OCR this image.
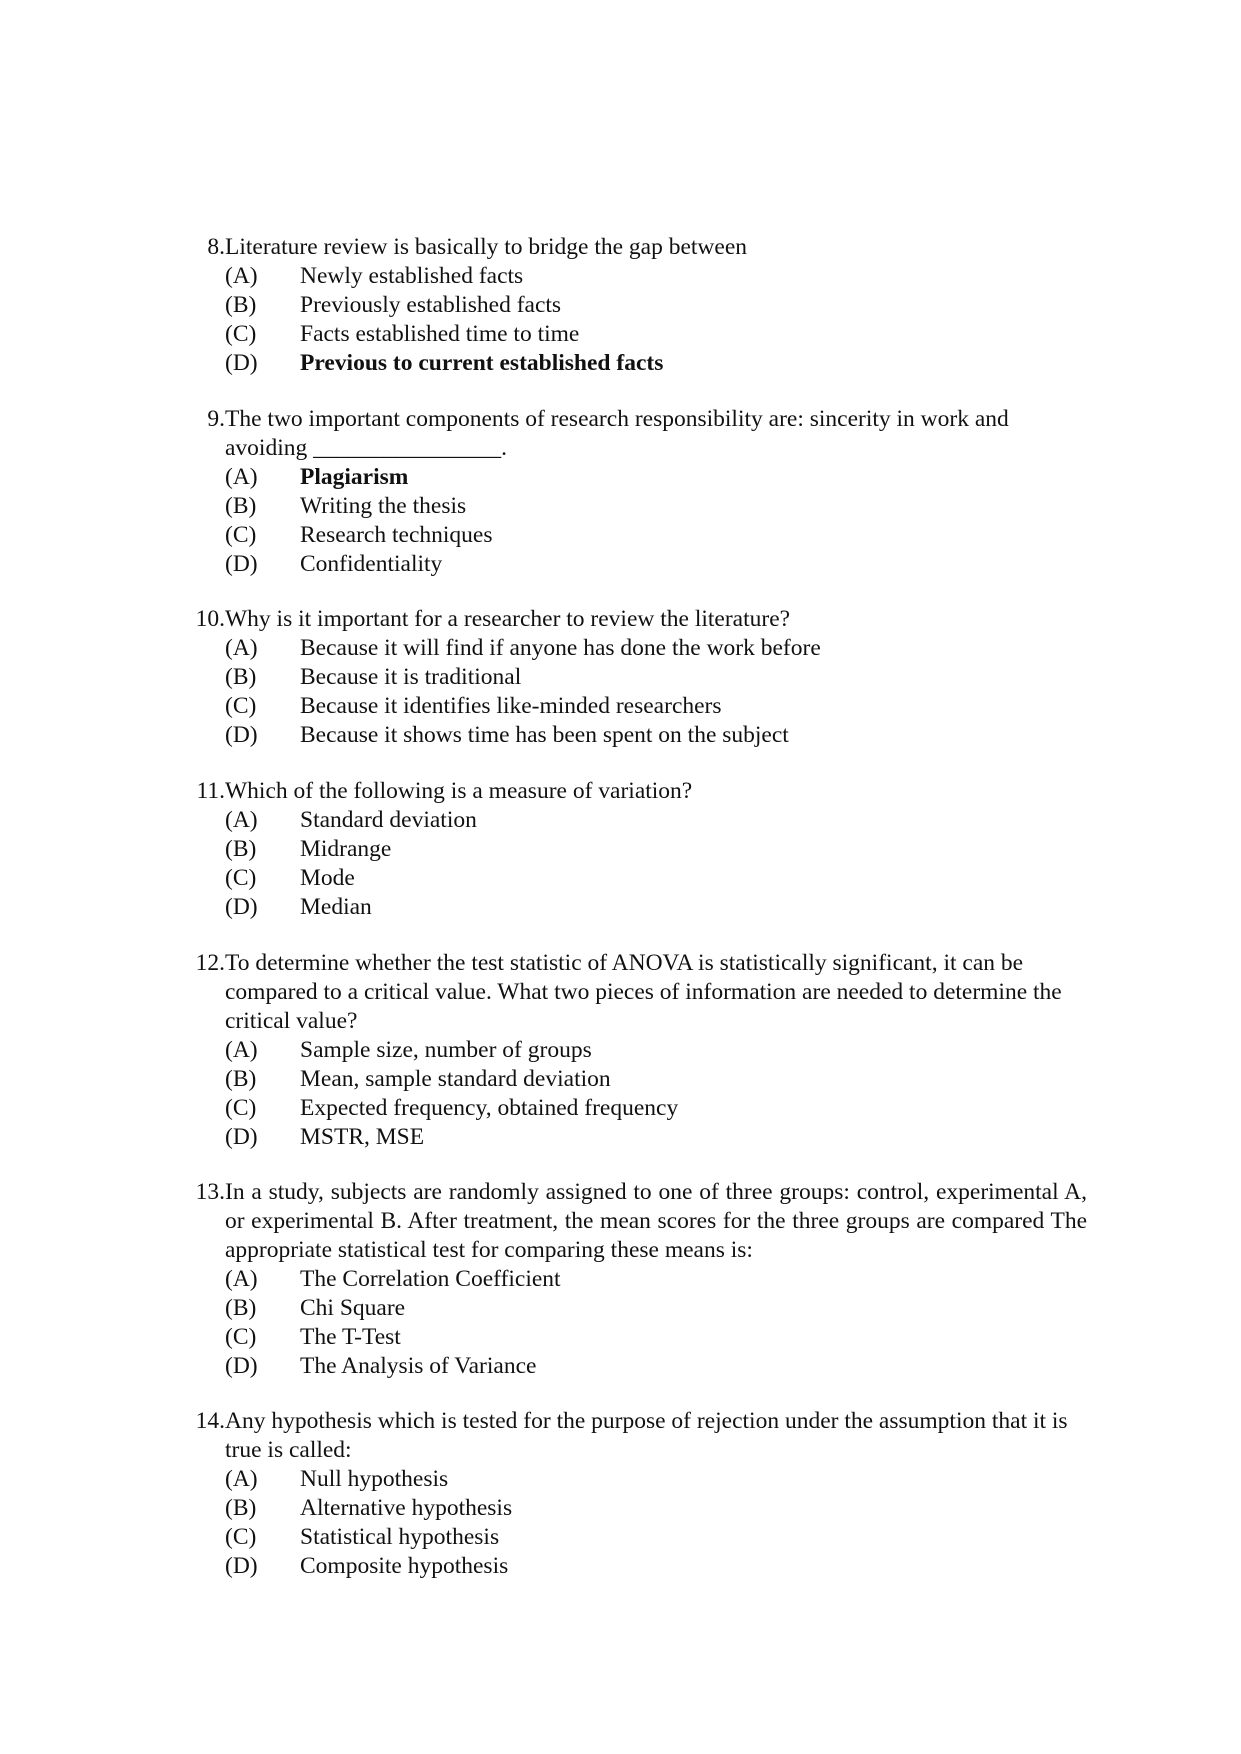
8. Literature review is basically to bridge the gap between
(A)	Newly established facts
(B)	Previously established facts
(C)	Facts established time to time
(D)	Previous to current established facts
9. The two important components of research responsibility are: sincerity in work and avoiding ________________.
(A)	Plagiarism
(B)	Writing the thesis
(C)	Research techniques
(D)	Confidentiality
10. Why is it important for a researcher to review the literature?
(A)	Because it will find if anyone has done the work before
(B)	Because it is traditional
(C)	Because it identifies like-minded researchers
(D)	Because it shows time has been spent on the subject
11. Which of the following is a measure of variation?
(A)	Standard deviation
(B)	Midrange
(C)	Mode
(D)	Median
12. To determine whether the test statistic of ANOVA is statistically significant, it can be compared to a critical value. What two pieces of information are needed to determine the critical value?
(A)	Sample size, number of groups
(B)	Mean, sample standard deviation
(C)	Expected frequency, obtained frequency
(D)	MSTR, MSE
13. In a study, subjects are randomly assigned to one of three groups: control, experimental A, or experimental B. After treatment, the mean scores for the three groups are compared The appropriate statistical test for comparing these means is:
(A)	The Correlation Coefficient
(B)	Chi Square
(C)	The T-Test
(D)	The Analysis of Variance
14. Any hypothesis which is tested for the purpose of rejection under the assumption that it is true is called:
(A)	Null hypothesis
(B)	Alternative hypothesis
(C)	Statistical hypothesis
(D)	Composite hypothesis
